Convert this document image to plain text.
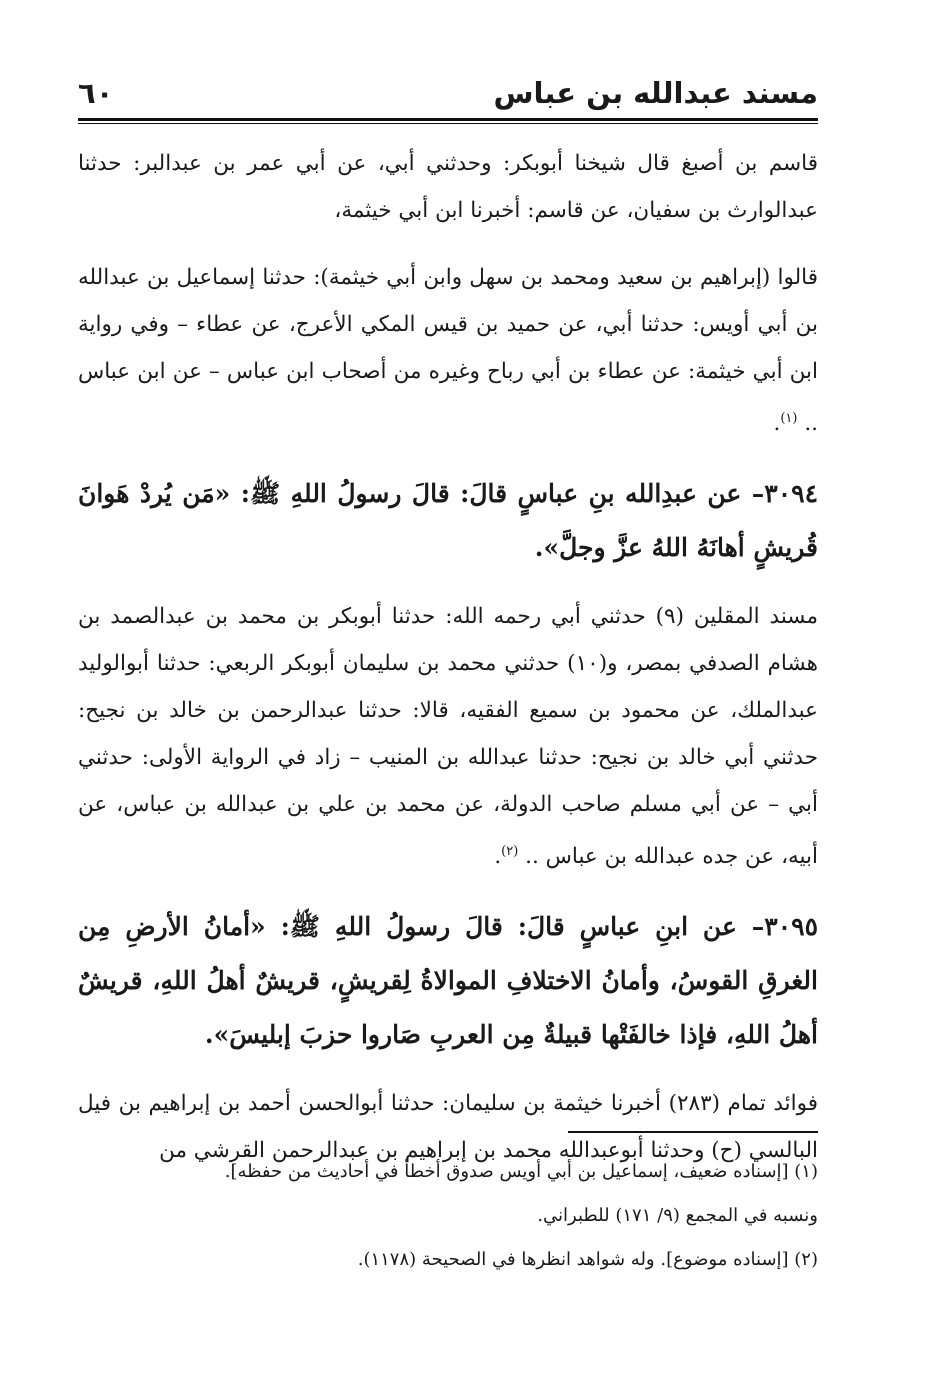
مسند عبدالله بن عباس
٦٠

قاسم بن أصبغ قال شيخنا أبوبكر: وحدثني أبي، عن أبي عمر بن عبدالبر: حدثنا عبدالوارث بن سفيان، عن قاسم: أخبرنا ابن أبي خيثمة،

قالوا (إبراهيم بن سعيد ومحمد بن سهل وابن أبي خيثمة): حدثنا إسماعيل بن عبدالله بن أبي أويس: حدثنا أبي، عن حميد بن قيس المكي الأعرج، عن عطاء – وفي رواية ابن أبي خيثمة: عن عطاء بن أبي رباح وغيره من أصحاب ابن عباس – عن ابن عباس .. $^{(١)}$.

٣٠٩٤– عن عبدِالله بنِ عباسٍ قالَ: قالَ رسولُ اللهِ ﷺ: «مَن يُردْ هَوانَ قُريشٍ أهانَهُ اللهُ عزَّ وجلَّ».

مسند المقلين (٩) حدثني أبي رحمه الله: حدثنا أبوبكر بن محمد بن عبدالصمد بن هشام الصدفي بمصر، و(١٠) حدثني محمد بن سليمان أبوبكر الربعي: حدثنا أبوالوليد عبدالملك، عن محمود بن سميع الفقيه، قالا: حدثنا عبدالرحمن بن خالد بن نجيح: حدثني أبي خالد بن نجيح: حدثنا عبدالله بن المنيب – زاد في الرواية الأولى: حدثني أبي – عن أبي مسلم صاحب الدولة، عن محمد بن علي بن عبدالله بن عباس، عن أبيه، عن جده عبدالله بن عباس .. $^{(٢)}$.

٣٠٩٥– عن ابنِ عباسٍ قالَ: قالَ رسولُ اللهِ ﷺ: «أمانُ الأرضِ مِن الغرقِ القوسُ، وأمانُ الاختلافِ الموالاةُ لِقريشٍ، قريشٌ أهلُ اللهِ، قريشٌ أهلُ اللهِ، فإذا خالفَتْها قبيلةٌ مِن العربِ صَاروا حزبَ إبليسَ».

فوائد تمام (٢٨٣) أخبرنا خيثمة بن سليمان: حدثنا أبوالحسن أحمد بن إبراهيم بن فيل البالسي (ح) وحدثنا أبوعبدالله محمد بن إبراهيم بن عبدالرحمن القرشي من

(١) [إسناده ضعيف، إسماعيل بن أبي أويس صدوق أخطأ في أحاديث من حفظه].

ونسبه في المجمع (٩/ ١٧١) للطبراني.

(٢) [إسناده موضوع]. وله شواهد انظرها في الصحيحة (١١٧٨).
